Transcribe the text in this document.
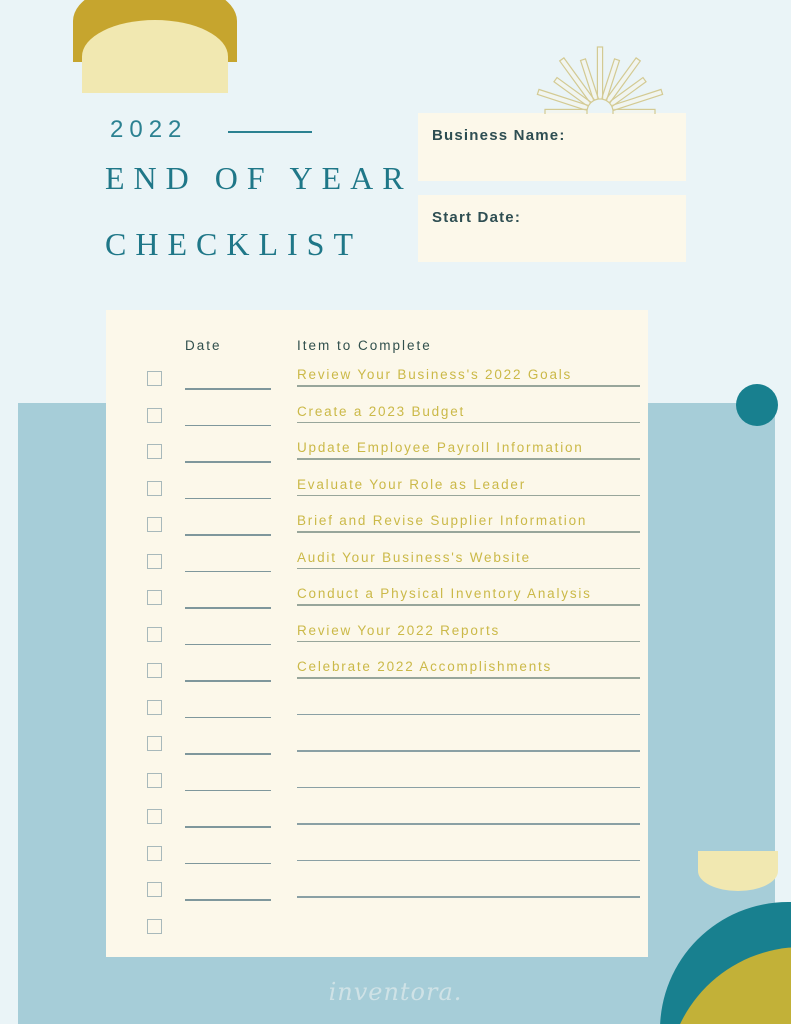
2022
END OF YEAR
CHECKLIST
Business Name:
Start Date:
Date	Item to Complete
Review Your Business's 2022 Goals
Create a 2023 Budget
Update Employee Payroll Information
Evaluate Your Role as Leader
Brief and Revise Supplier Information
Audit Your Business's Website
Conduct a Physical Inventory Analysis
Review Your 2022 Reports
Celebrate 2022 Accomplishments
inventora.
